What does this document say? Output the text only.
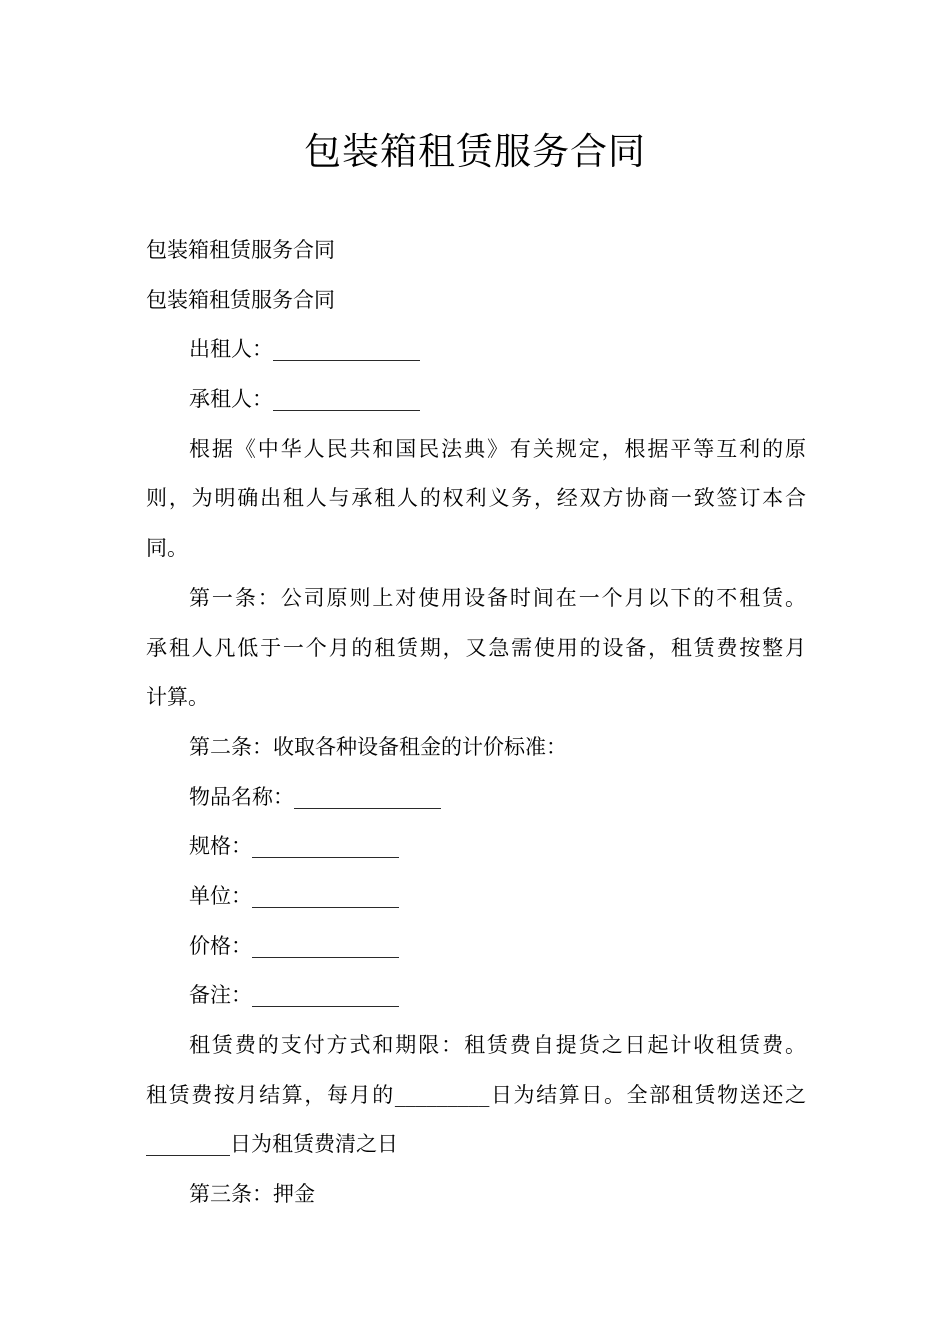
包装箱租赁服务合同
包装箱租赁服务合同
包装箱租赁服务合同
出租人：______________
承租人：______________
根据《中华人民共和国民法典》有关规定，根据平等互利的原
则，为明确出租人与承租人的权利义务，经双方协商一致签订本合
同。
第一条：公司原则上对使用设备时间在一个月以下的不租赁。
承租人凡低于一个月的租赁期，又急需使用的设备，租赁费按整月
计算。
第二条：收取各种设备租金的计价标准：
物品名称：______________
规格：______________
单位：______________
价格：______________
备注：______________
租赁费的支付方式和期限：租赁费自提货之日起计收租赁费。
租赁费按月结算，每月的_________日为结算日。全部租赁物送还之
________日为租赁费清之日
第三条：押金
